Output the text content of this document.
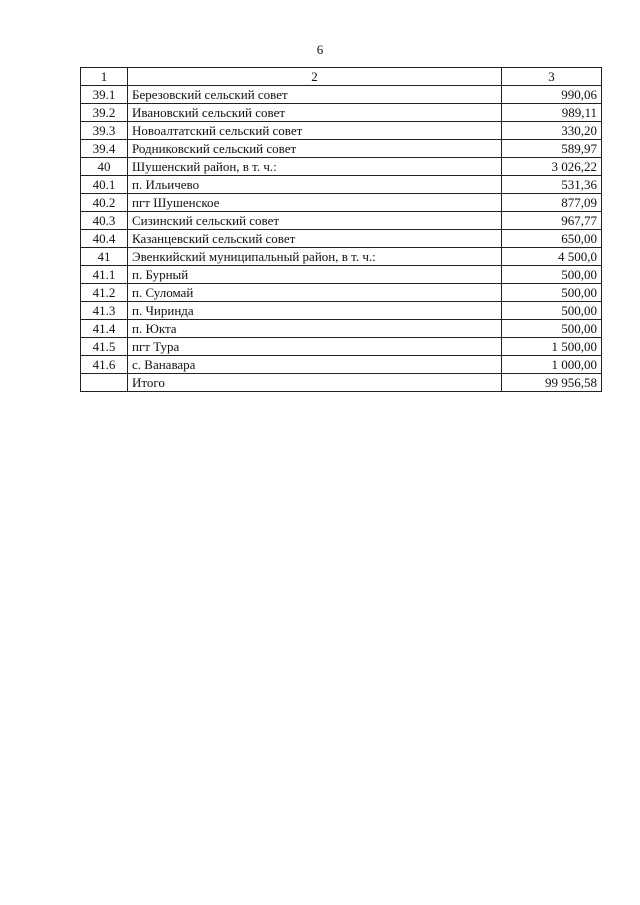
6
1	2	3
39.1	Березовский сельский совет	990,06
39.2	Ивановский сельский совет	989,11
39.3	Новоалтатский сельский совет	330,20
39.4	Родниковский сельский совет	589,97
40	Шушенский район, в т. ч.:	3 026,22
40.1	п. Ильичево	531,36
40.2	пгт Шушенское	877,09
40.3	Сизинский сельский совет	967,77
40.4	Казанцевский сельский совет	650,00
41	Эвенкийский муниципальный район, в т. ч.:	4 500,0
41.1	п. Бурный	500,00
41.2	п. Суломай	500,00
41.3	п. Чиринда	500,00
41.4	п. Юкта	500,00
41.5	пгт Тура	1 500,00
41.6	с. Ванавара	1 000,00
	Итого	99 956,58
